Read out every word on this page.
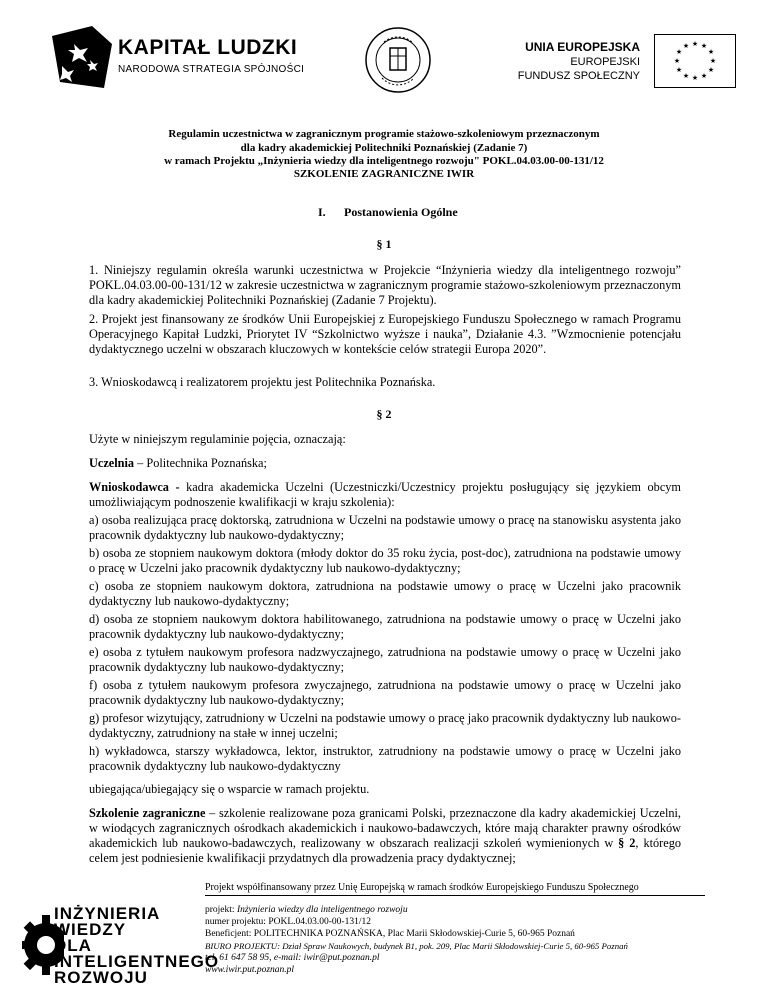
KAPITAŁ LUDZKI
NARODOWA STRATEGIA SPÓJNOŚCI
UNIA EUROPEJSKA
EUROPEJSKI
FUNDUSZ SPOŁECZNY
★ ★
★
★
★
★
★
★
★
★
★
★
Regulamin uczestnictwa w zagranicznym programie stażowo-szkoleniowym przeznaczonym
dla kadry akademickiej Politechniki Poznańskiej (Zadanie 7)
w ramach Projektu „Inżynieria wiedzy dla inteligentnego rozwoju" POKL.04.03.00-00-131/12
SZKOLENIE ZAGRANICZNE IWIR
I. Postanowienia Ogólne
§ 1
1. Niniejszy regulamin określa warunki uczestnictwa w Projekcie “Inżynieria wiedzy dla inteligentnego rozwoju” POKL.04.03.00-00-131/12 w zakresie uczestnictwa w zagranicznym programie stażowo-szkoleniowym przeznaczonym dla kadry akademickiej Politechniki Poznańskiej (Zadanie 7 Projektu).
2. Projekt jest finansowany ze środków Unii Europejskiej z Europejskiego Funduszu Społecznego w ramach Programu Operacyjnego Kapitał Ludzki, Priorytet IV “Szkolnictwo wyższe i nauka”, Działanie 4.3. ”Wzmocnienie potencjału dydaktycznego uczelni w obszarach kluczowych w kontekście celów strategii Europa 2020”.
3. Wnioskodawcą i realizatorem projektu jest Politechnika Poznańska.
§ 2
Użyte w niniejszym regulaminie pojęcia, oznaczają:
Uczelnia – Politechnika Poznańska;
Wnioskodawca - kadra akademicka Uczelni (Uczestniczki/Uczestnicy projektu posługujący się językiem obcym umożliwiającym podnoszenie kwalifikacji w kraju szkolenia):
a) osoba realizująca pracę doktorską, zatrudniona w Uczelni na podstawie umowy o pracę na stanowisku asystenta jako pracownik dydaktyczny lub naukowo-dydaktyczny;
b) osoba ze stopniem naukowym doktora (młody doktor do 35 roku życia, post-doc), zatrudniona na podstawie umowy o pracę w Uczelni jako pracownik dydaktyczny lub naukowo-dydaktyczny;
c) osoba ze stopniem naukowym doktora, zatrudniona na podstawie umowy o pracę w Uczelni jako pracownik dydaktyczny lub naukowo-dydaktyczny;
d) osoba ze stopniem naukowym doktora habilitowanego, zatrudniona na podstawie umowy o pracę w Uczelni jako pracownik dydaktyczny lub naukowo-dydaktyczny;
e) osoba z tytułem naukowym profesora nadzwyczajnego, zatrudniona na podstawie umowy o pracę w Uczelni jako pracownik dydaktyczny lub naukowo-dydaktyczny;
f) osoba z tytułem naukowym profesora zwyczajnego, zatrudniona na podstawie umowy o pracę w Uczelni jako pracownik dydaktyczny lub naukowo-dydaktyczny;
g) profesor wizytujący, zatrudniony w Uczelni na podstawie umowy o pracę jako pracownik dydaktyczny lub naukowo-dydaktyczny, zatrudniony na stałe w innej uczelni;
h) wykładowca, starszy wykładowca, lektor, instruktor, zatrudniony na podstawie umowy o pracę w Uczelni jako pracownik dydaktyczny lub naukowo-dydaktyczny
ubiegająca/ubiegający się o wsparcie w ramach projektu.
Szkolenie zagraniczne – szkolenie realizowane poza granicami Polski, przeznaczone dla kadry akademickiej Uczelni, w wiodących zagranicznych ośrodkach akademickich i naukowo-badawczych, które mają charakter prawny ośrodków akademickich lub naukowo-badawczych, realizowany w obszarach realizacji szkoleń wymienionych w § 2, którego celem jest podniesienie kwalifikacji przydatnych dla prowadzenia pracy dydaktycznej;
INŻYNIERIA
WIEDZY
DLA
INTELIGENTNEGO
ROZWOJU
Projekt współfinansowany przez Unię Europejską w ramach środków Europejskiego Funduszu Społecznego
projekt: Inżynieria wiedzy dla inteligentnego rozwoju
numer projektu: POKL.04.03.00-00-131/12
Beneficjent: POLITECHNIKA POZNAŃSKA, Plac Marii Skłodowskiej-Curie 5, 60-965 Poznań
BIURO PROJEKTU: Dział Spraw Naukowych, budynek B1, pok. 209, Plac Marii Skłodowskiej-Curie 5, 60-965 Poznań
tel. 61 647 58 95, e-mail: iwir@put.poznan.pl
www.iwir.put.poznan.pl
